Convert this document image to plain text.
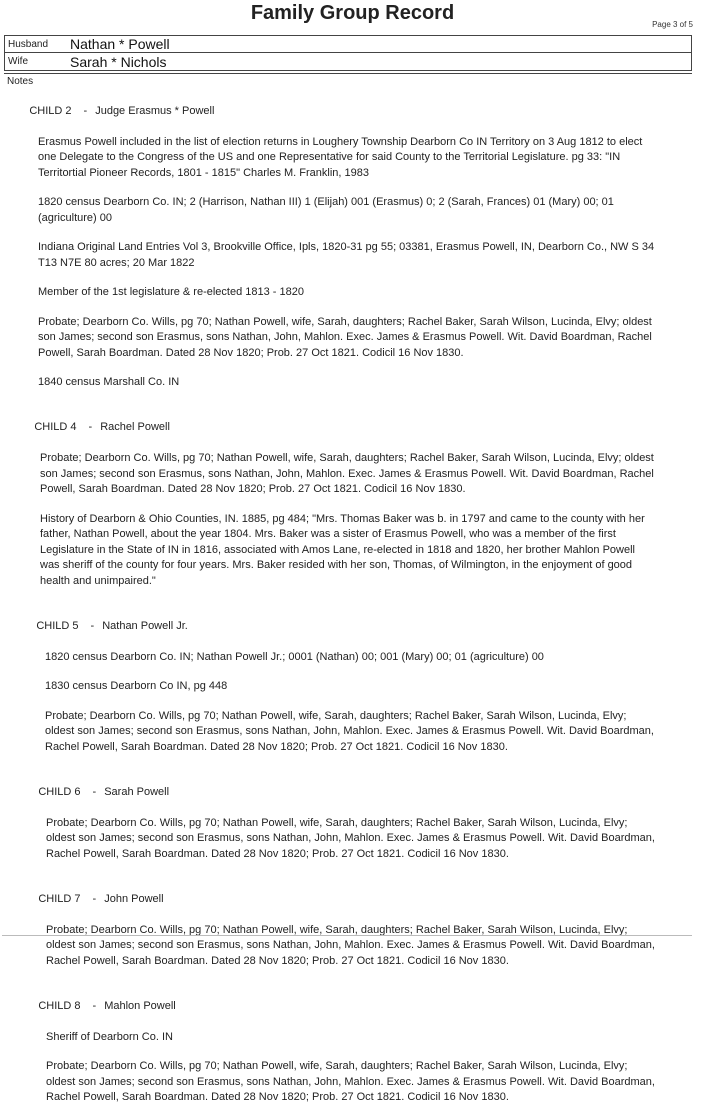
Family Group Record
Page 3 of 5
Husband	Nathan * Powell
Wife	Sarah * Nichols
Notes

CHILD 2 - Judge Erasmus * Powell

Erasmus Powell included in the list of election returns in Loughery Township Dearborn Co IN Territory on 3 Aug 1812 to elect one Delegate to the Congress of the US and one Representative for said County to the Territorial Legislature. pg 33: "IN Territortial Pioneer Records, 1801 - 1815" Charles M. Franklin, 1983

1820 census Dearborn Co. IN; 2 (Harrison, Nathan III) 1 (Elijah) 001 (Erasmus) 0; 2 (Sarah, Frances) 01 (Mary) 00; 01 (agriculture) 00

Indiana Original Land Entries Vol 3, Brookville Office, Ipls, 1820-31 pg 55; 03381, Erasmus Powell, IN, Dearborn Co., NW S 34 T13 N7E 80 acres; 20 Mar 1822

Member of the 1st legislature & re-elected 1813 - 1820

Probate; Dearborn Co. Wills, pg 70; Nathan Powell, wife, Sarah, daughters; Rachel Baker, Sarah Wilson, Lucinda, Elvy; oldest son James; second son Erasmus, sons Nathan, John, Mahlon. Exec. James & Erasmus Powell. Wit. David Boardman, Rachel Powell, Sarah Boardman. Dated 28 Nov 1820; Prob. 27 Oct 1821. Codicil 16 Nov 1830.

1840 census Marshall Co. IN

CHILD 4 - Rachel Powell

Probate; Dearborn Co. Wills, pg 70; Nathan Powell, wife, Sarah, daughters; Rachel Baker, Sarah Wilson, Lucinda, Elvy; oldest son James; second son Erasmus, sons Nathan, John, Mahlon. Exec. James & Erasmus Powell. Wit. David Boardman, Rachel Powell, Sarah Boardman. Dated 28 Nov 1820; Prob. 27 Oct 1821. Codicil 16 Nov 1830.

History of Dearborn & Ohio Counties, IN. 1885, pg 484; "Mrs. Thomas Baker was b. in 1797 and came to the county with her father, Nathan Powell, about the year 1804. Mrs. Baker was a sister of Erasmus Powell, who was a member of the first Legislature in the State of IN in 1816, associated with Amos Lane, re-elected in 1818 and 1820, her brother Mahlon Powell was sheriff of the county for four years. Mrs. Baker resided with her son, Thomas, of Wilmington, in the enjoyment of good health and unimpaired."

CHILD 5 - Nathan Powell Jr.

1820 census Dearborn Co. IN; Nathan Powell Jr.; 0001 (Nathan) 00; 001 (Mary) 00; 01 (agriculture) 00

1830 census Dearborn Co IN, pg 448

Probate; Dearborn Co. Wills, pg 70; Nathan Powell, wife, Sarah, daughters; Rachel Baker, Sarah Wilson, Lucinda, Elvy; oldest son James; second son Erasmus, sons Nathan, John, Mahlon. Exec. James & Erasmus Powell. Wit. David Boardman, Rachel Powell, Sarah Boardman. Dated 28 Nov 1820; Prob. 27 Oct 1821. Codicil 16 Nov 1830.

CHILD 6 - Sarah Powell

Probate; Dearborn Co. Wills, pg 70; Nathan Powell, wife, Sarah, daughters; Rachel Baker, Sarah Wilson, Lucinda, Elvy; oldest son James; second son Erasmus, sons Nathan, John, Mahlon. Exec. James & Erasmus Powell. Wit. David Boardman, Rachel Powell, Sarah Boardman. Dated 28 Nov 1820; Prob. 27 Oct 1821. Codicil 16 Nov 1830.

CHILD 7 - John Powell

Probate; Dearborn Co. Wills, pg 70; Nathan Powell, wife, Sarah, daughters; Rachel Baker, Sarah Wilson, Lucinda, Elvy; oldest son James; second son Erasmus, sons Nathan, John, Mahlon. Exec. James & Erasmus Powell. Wit. David Boardman, Rachel Powell, Sarah Boardman. Dated 28 Nov 1820; Prob. 27 Oct 1821. Codicil 16 Nov 1830.

CHILD 8 - Mahlon Powell

Sheriff of Dearborn Co. IN

Probate; Dearborn Co. Wills, pg 70; Nathan Powell, wife, Sarah, daughters; Rachel Baker, Sarah Wilson, Lucinda, Elvy; oldest son James; second son Erasmus, sons Nathan, John, Mahlon. Exec. James & Erasmus Powell. Wit. David Boardman, Rachel Powell, Sarah Boardman. Dated 28 Nov 1820; Prob. 27 Oct 1821. Codicil 16 Nov 1830.
